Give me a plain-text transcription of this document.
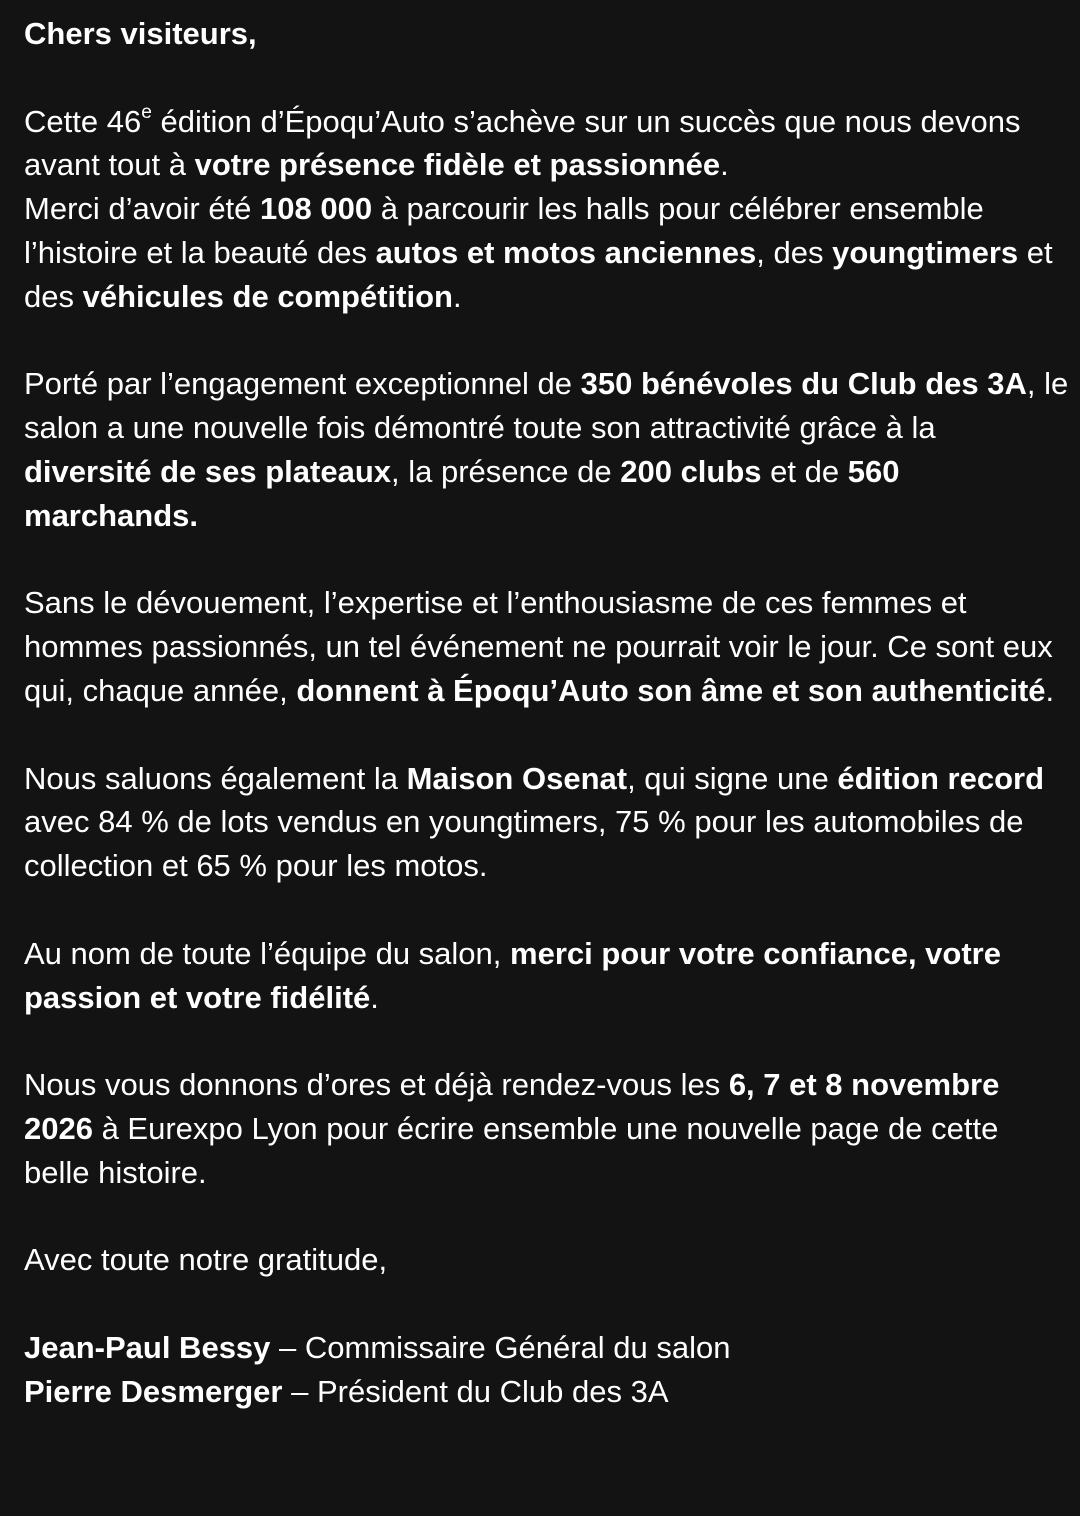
Chers visiteurs,

Cette 46e édition d’Époqu’Auto s’achève sur un succès que nous devons avant tout à votre présence fidèle et passionnée.

Merci d’avoir été 108 000 à parcourir les halls pour célébrer ensemble l’histoire et la beauté des autos et motos anciennes, des youngtimers et des véhicules de compétition.

Porté par l’engagement exceptionnel de 350 bénévoles du Club des 3A, le salon a une nouvelle fois démontré toute son attractivité grâce à la diversité de ses plateaux, la présence de 200 clubs et de 560 marchands.

Sans le dévouement, l’expertise et l’enthousiasme de ces femmes et hommes passionnés, un tel événement ne pourrait voir le jour. Ce sont eux qui, chaque année, donnent à Époqu’Auto son âme et son authenticité.

Nous saluons également la Maison Osenat, qui signe une édition record

avec 84 % de lots vendus en youngtimers, 75 % pour les automobiles de collection et 65 % pour les motos.

Au nom de toute l’équipe du salon, merci pour votre confiance, votre passion et votre fidélité.

Nous vous donnons d’ores et déjà rendez-vous les 6, 7 et 8 novembre 2026 à Eurexpo Lyon pour écrire ensemble une nouvelle page de cette belle histoire.

Avec toute notre gratitude,

Jean-Paul Bessy – Commissaire Général du salon

Pierre Desmerger – Président du Club des 3A
